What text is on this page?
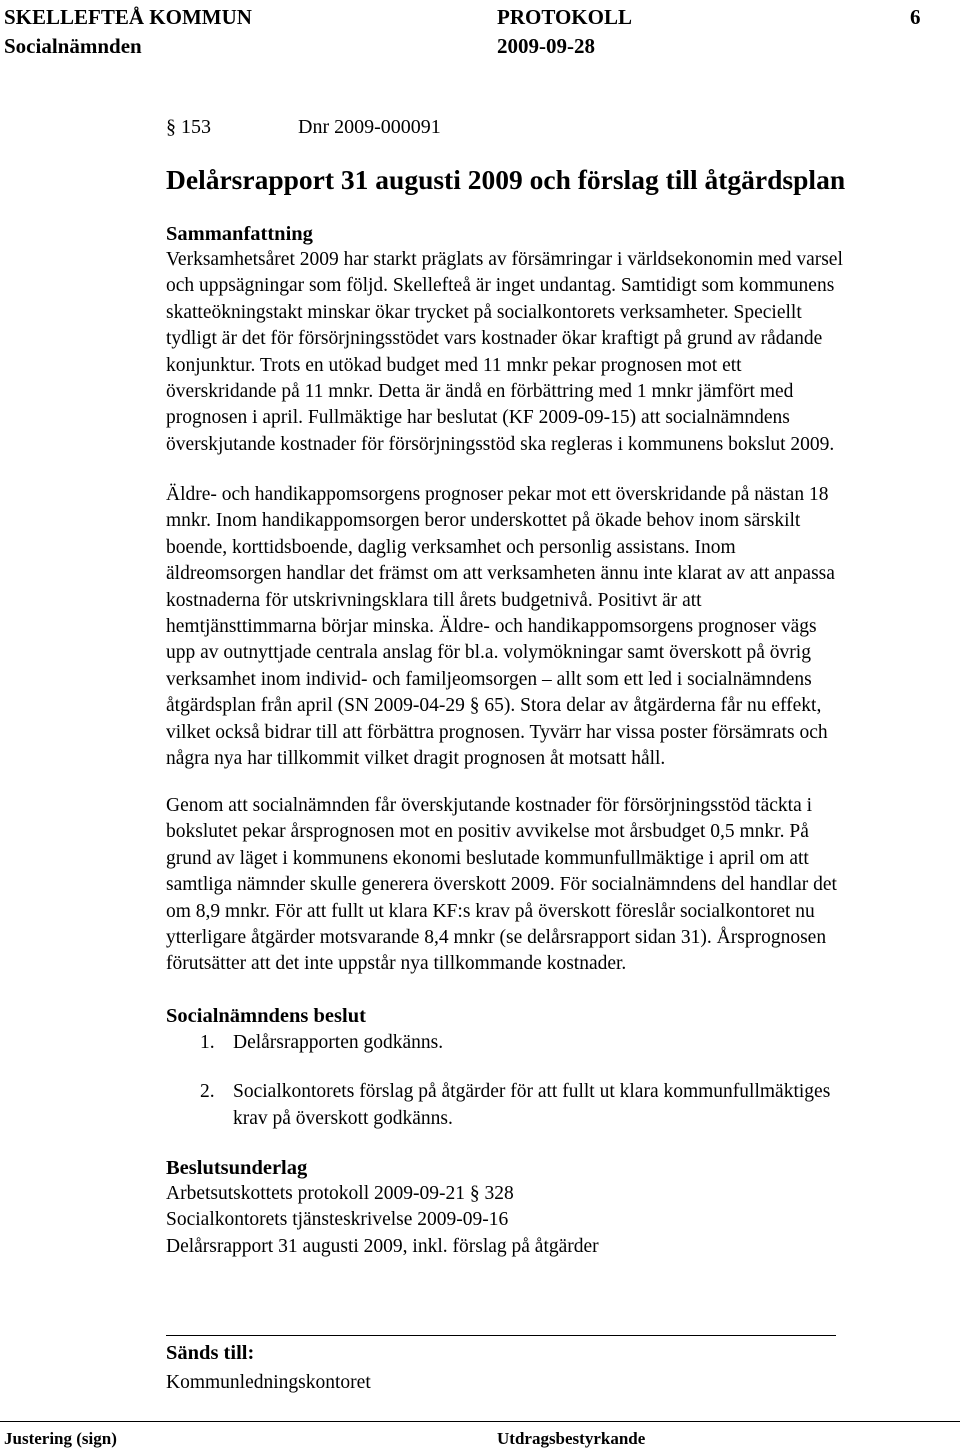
SKELLEFTEÅ KOMMUN	PROTOKOLL	6
Socialnämnden	2009-09-28
§ 153	Dnr 2009-000091
Delårsrapport 31 augusti 2009 och förslag till åtgärdsplan
Sammanfattning
Verksamhetsåret 2009 har starkt präglats av försämringar i världsekonomin med varsel
och uppsägningar som följd. Skellefteå är inget undantag. Samtidigt som kommunens
skatteökningstakt minskar ökar trycket på socialkontorets verksamheter. Speciellt
tydligt är det för försörjningsstödet vars kostnader ökar kraftigt på grund av rådande
konjunktur. Trots en utökad budget med 11 mnkr pekar prognosen mot ett
överskridande på 11 mnkr. Detta är ändå en förbättring med 1 mnkr jämfört med
prognosen i april. Fullmäktige har beslutat (KF 2009-09-15) att socialnämndens
överskjutande kostnader för försörjningsstöd ska regleras i kommunens bokslut 2009.
Äldre- och handikappomsorgens prognoser pekar mot ett överskridande på nästan 18
mnkr. Inom handikappomsorgen beror underskottet på ökade behov inom särskilt
boende, korttidsboende, daglig verksamhet och personlig assistans. Inom
äldreomsorgen handlar det främst om att verksamheten ännu inte klarat av att anpassa
kostnaderna för utskrivningsklara till årets budgetnivå. Positivt är att
hemtjänsttimmarna börjar minska. Äldre- och handikappomsorgens prognoser vägs
upp av outnyttjade centrala anslag för bl.a. volymökningar samt överskott på övrig
verksamhet inom individ- och familjeomsorgen – allt som ett led i socialnämndens
åtgärdsplan från april (SN 2009-04-29 § 65). Stora delar av åtgärderna får nu effekt,
vilket också bidrar till att förbättra prognosen. Tyvärr har vissa poster försämrats och
några nya har tillkommit vilket dragit prognosen åt motsatt håll.
Genom att socialnämnden får överskjutande kostnader för försörjningsstöd täckta i
bokslutet pekar årsprognosen mot en positiv avvikelse mot årsbudget 0,5 mnkr. På
grund av läget i kommunens ekonomi beslutade kommunfullmäktige i april om att
samtliga nämnder skulle generera överskott 2009. För socialnämndens del handlar det
om 8,9 mnkr. För att fullt ut klara KF:s krav på överskott föreslår socialkontoret nu
ytterligare åtgärder motsvarande 8,4 mnkr (se delårsrapport sidan 31). Årsprognosen
förutsätter att det inte uppstår nya tillkommande kostnader.
Socialnämndens beslut
1. Delårsrapporten godkänns.
2. Socialkontorets förslag på åtgärder för att fullt ut klara kommunfullmäktiges
krav på överskott godkänns.
Beslutsunderlag
Arbetsutskottets protokoll 2009-09-21 § 328
Socialkontorets tjänsteskrivelse 2009-09-16
Delårsrapport 31 augusti 2009, inkl. förslag på åtgärder
Sänds till:
Kommunledningskontoret
Justering (sign)	Utdragsbestyrkande
